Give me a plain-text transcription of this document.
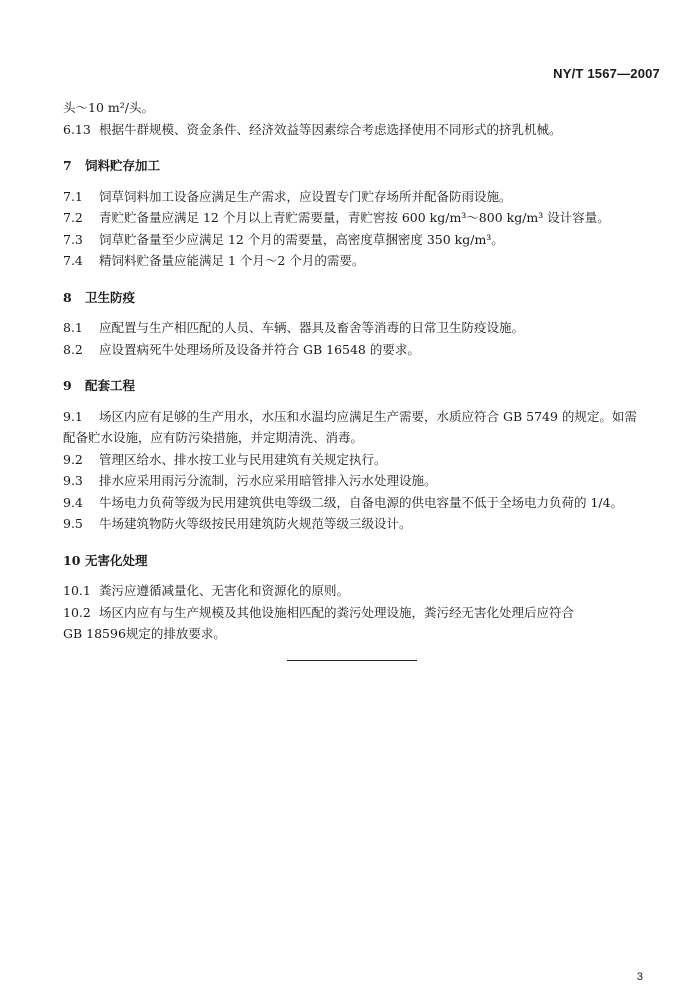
NY/T 1567—2007

头～10 m²/头。

6.13 根据牛群规模、资金条件、经济效益等因素综合考虑选择使用不同形式的挤乳机械。

7 饲料贮存加工

7.1 饲草饲料加工设备应满足生产需求，应设置专门贮存场所并配备防雨设施。

7.2 青贮贮备量应满足 12 个月以上青贮需要量，青贮窖按 600 kg/m³～800 kg/m³ 设计容量。

7.3 饲草贮备量至少应满足 12 个月的需要量，高密度草捆密度 350 kg/m³。

7.4 精饲料贮备量应能满足 1 个月～2 个月的需要。

8 卫生防疫

8.1 应配置与生产相匹配的人员、车辆、器具及畜舍等消毒的日常卫生防疫设施。

8.2 应设置病死牛处理场所及设备并符合 GB 16548 的要求。

9 配套工程

9.1 场区内应有足够的生产用水，水压和水温均应满足生产需要，水质应符合 GB 5749 的规定。如需

配备贮水设施，应有防污染措施，并定期清洗、消毒。

9.2 管理区给水、排水按工业与民用建筑有关规定执行。

9.3 排水应采用雨污分流制，污水应采用暗管排入污水处理设施。

9.4 牛场电力负荷等级为民用建筑供电等级二级，自备电源的供电容量不低于全场电力负荷的 1/4。

9.5 牛场建筑物防火等级按民用建筑防火规范等级三级设计。

10 无害化处理

10.1 粪污应遵循减量化、无害化和资源化的原则。

10.2 场区内应有与生产规模及其他设施相匹配的粪污处理设施，粪污经无害化处理后应符合

GB 18596规定的排放要求。

3
